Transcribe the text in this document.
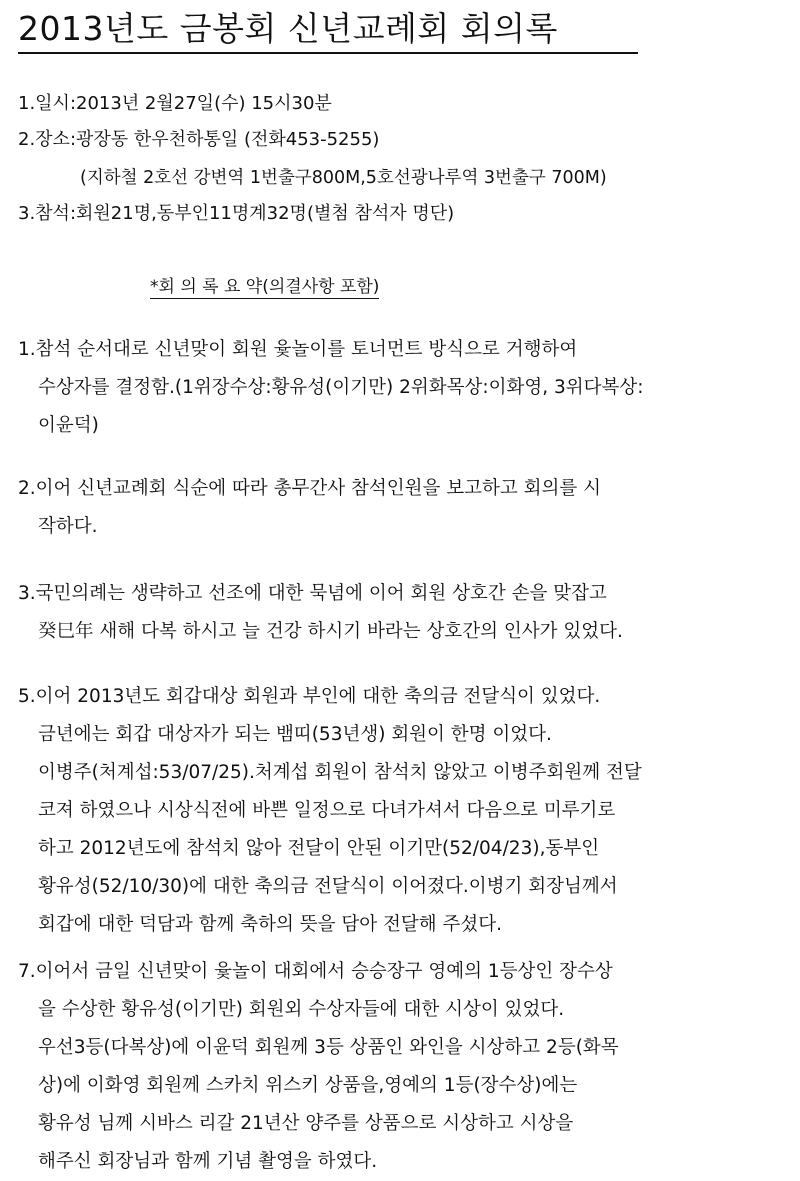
2013년도 금봉회 신년교례회 회의록
1.일시:2013년 2월27일(수) 15시30분
2.장소:광장동 한우천하통일 (전화453-5255)
(지하철 2호선 강변역 1번출구800M,5호선광나루역 3번출구 700M)
3.참석:회원21명,동부인11명계32명(별첨 참석자 명단)
*회 의 록 요 약(의결사항 포함)
1.참석 순서대로 신년맞이 회원 윷놀이를 토너먼트 방식으로 거행하여
수상자를 결정함.(1위장수상:황유성(이기만) 2위화목상:이화영, 3위다복상:
이윤덕)
2.이어 신년교례회 식순에 따라 총무간사 참석인원을 보고하고 회의를 시
작하다.
3.국민의례는 생략하고 선조에 대한 묵념에 이어 회원 상호간 손을 맞잡고
癸巳年 새해 다복 하시고 늘 건강 하시기 바라는 상호간의 인사가 있었다.
5.이어 2013년도 회갑대상 회원과 부인에 대한 축의금 전달식이 있었다.
금년에는 회갑 대상자가 되는 뱀띠(53년생) 회원이 한명 이었다.
이병주(처계섭:53/07/25).처계섭 회원이 참석치 않았고 이병주회원께 전달
코져 하였으나 시상식전에 바쁜 일정으로 다녀가셔서 다음으로 미루기로
하고 2012년도에 참석치 않아 전달이 안된 이기만(52/04/23),동부인
황유성(52/10/30)에 대한 축의금 전달식이 이어졌다.이병기 회장님께서
회갑에 대한 덕담과 함께 축하의 뜻을 담아 전달해 주셨다.
7.이어서 금일 신년맞이 윷놀이 대회에서 승승장구 영예의 1등상인 장수상
을 수상한 황유성(이기만) 회원외 수상자들에 대한 시상이 있었다.
우선3등(다복상)에 이윤덕 회원께 3등 상품인 와인을 시상하고 2등(화목
상)에 이화영 회원께 스카치 위스키 상품을,영예의 1등(장수상)에는
황유성 님께 시바스 리갈 21년산 양주를 상품으로 시상하고 시상을
해주신 회장님과 함께 기념 촬영을 하였다.
